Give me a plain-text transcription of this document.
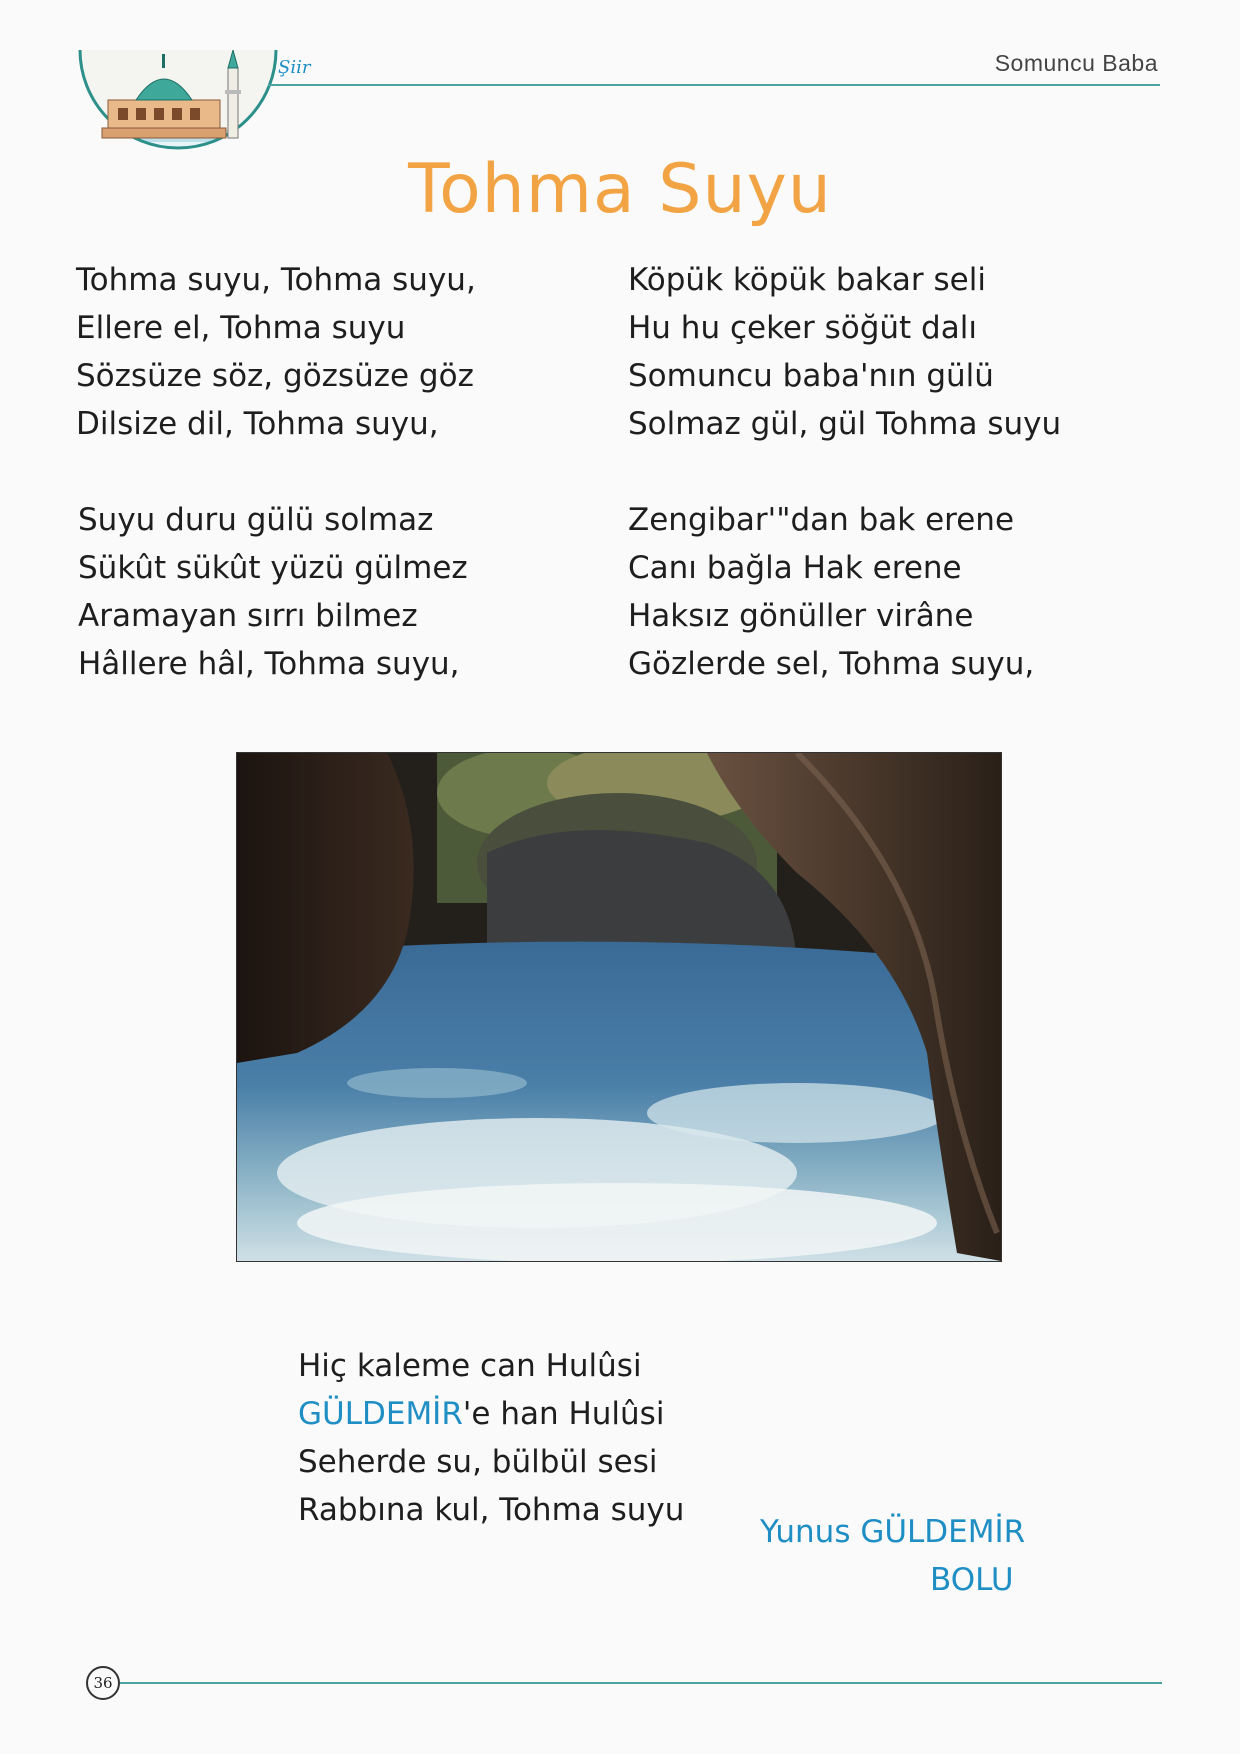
Şiir	Somuncu Baba
Tohma Suyu
Tohma suyu, Tohma suyu,
Ellere el, Tohma suyu
Sözsüze söz, gözsüze göz
Dilsize dil, Tohma suyu,
Köpük köpük bakar seli
Hu hu çeker söğüt dalı
Somuncu baba'nın gülü
Solmaz gül, gül Tohma suyu
Suyu duru gülü solmaz
Sükût sükût yüzü gülmez
Aramayan sırrı bilmez
Hâllere hâl, Tohma suyu,
Zengibar'"dan bak erene
Canı bağla Hak erene
Haksız gönüller virâne
Gözlerde sel, Tohma suyu,
Hiç kaleme can Hulûsi
GÜLDEMİR'e han Hulûsi
Seherde su, bülbül sesi
Rabbına kul, Tohma suyu
Yunus GÜLDEMİR
BOLU
36
